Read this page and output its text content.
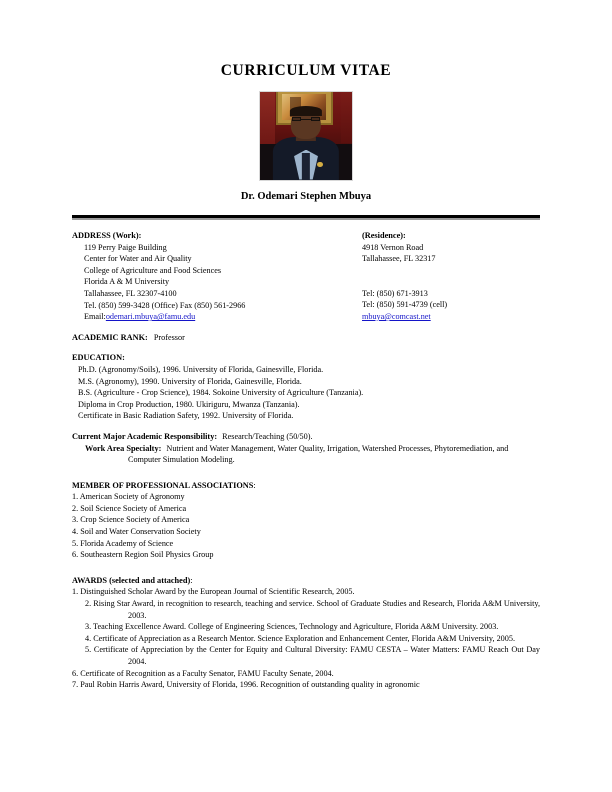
CURRICULUM VITAE
Dr. Odemari Stephen Mbuya
ADDRESS (Work):
119 Perry Paige Building
Center for Water and Air Quality
College of Agriculture and Food Sciences
Florida A & M University
Tallahassee, FL 32307-4100
Tel. (850) 599-3428 (Office) Fax (850) 561-2966
Email:odemari.mbuya@famu.edu
(Residence):
4918 Vernon Road
Tallahassee, FL 32317
Tel: (850) 671-3913
Tel: (850) 591-4739 (cell)
mbuya@comcast.net
ACADEMIC RANK: Professor
EDUCATION:
Ph.D. (Agronomy/Soils), 1996. University of Florida, Gainesville, Florida.
M.S. (Agronomy), 1990. University of Florida, Gainesville, Florida.
B.S. (Agriculture - Crop Science), 1984. Sokoine University of Agriculture (Tanzania).
Diploma in Crop Production, 1980. Ukiriguru, Mwanza (Tanzania).
Certificate in Basic Radiation Safety, 1992. University of Florida.
Current Major Academic Responsibility: Research/Teaching (50/50).
Work Area Specialty: Nutrient and Water Management, Water Quality, Irrigation, Watershed Processes, Phytoremediation, and Computer Simulation Modeling.
MEMBER OF PROFESSIONAL ASSOCIATIONS:
1. American Society of Agronomy
2. Soil Science Society of America
3. Crop Science Society of America
4. Soil and Water Conservation Society
5. Florida Academy of Science
6. Southeastern Region Soil Physics Group
AWARDS (selected and attached):
1. Distinguished Scholar Award by the European Journal of Scientific Research, 2005.
2. Rising Star Award, in recognition to research, teaching and service. School of Graduate Studies and Research, Florida A&M University, 2003.
3. Teaching Excellence Award. College of Engineering Sciences, Technology and Agriculture, Florida A&M University. 2003.
4. Certificate of Appreciation as a Research Mentor. Science Exploration and Enhancement Center, Florida A&M University, 2005.
5. Certificate of Appreciation by the Center for Equity and Cultural Diversity: FAMU CESTA – Water Matters: FAMU Reach Out Day 2004.
6. Certificate of Recognition as a Faculty Senator, FAMU Faculty Senate, 2004.
7. Paul Robin Harris Award, University of Florida, 1996. Recognition of outstanding quality in agronomic
